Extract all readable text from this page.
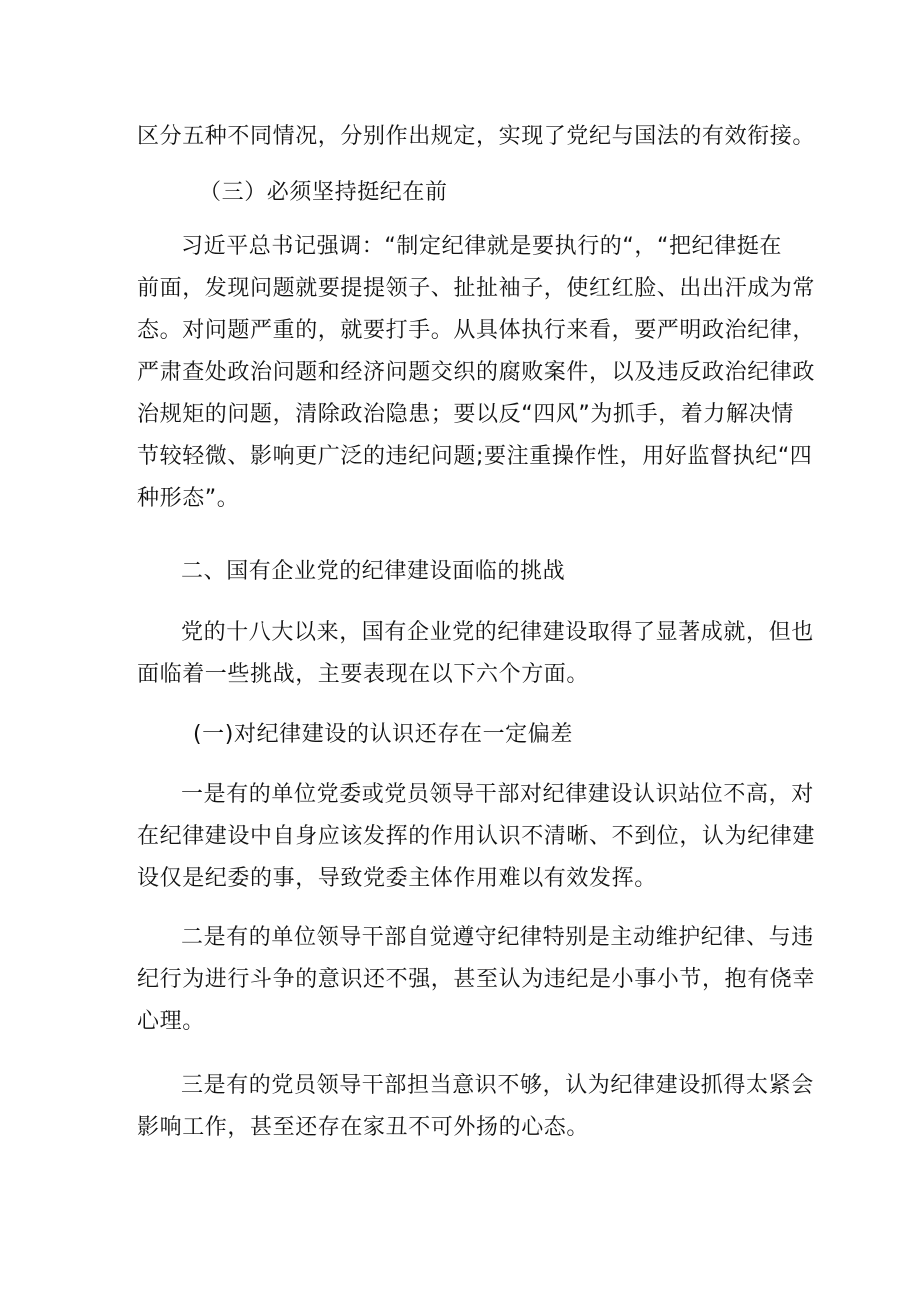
区分五种不同情况，分别作出规定，实现了党纪与国法的有效衔接。

（三）必须坚持挺纪在前

习近平总书记强调：“制定纪律就是要执行的“，“把纪律挺在
前面，发现问题就要提提领子、扯扯袖子，使红红脸、出出汗成为常
态。对问题严重的，就要打手。从具体执行来看，要严明政治纪律，
严肃查处政治问题和经济问题交织的腐败案件，以及违反政治纪律政
治规矩的问题，清除政治隐患；要以反“四风”为抓手，着力解决情
节较轻微、影响更广泛的违纪问题;要注重操作性，用好监督执纪“四
种形态”。

二、国有企业党的纪律建设面临的挑战

党的十八大以来，国有企业党的纪律建设取得了显著成就，但也
面临着一些挑战，主要表现在以下六个方面。

(一)对纪律建设的认识还存在一定偏差

一是有的单位党委或党员领导干部对纪律建设认识站位不高，对
在纪律建设中自身应该发挥的作用认识不清晰、不到位，认为纪律建
设仅是纪委的事，导致党委主体作用难以有效发挥。

二是有的单位领导干部自觉遵守纪律特别是主动维护纪律、与违
纪行为进行斗争的意识还不强，甚至认为违纪是小事小节，抱有侥幸
心理。

三是有的党员领导干部担当意识不够，认为纪律建设抓得太紧会
影响工作，甚至还存在家丑不可外扬的心态。
